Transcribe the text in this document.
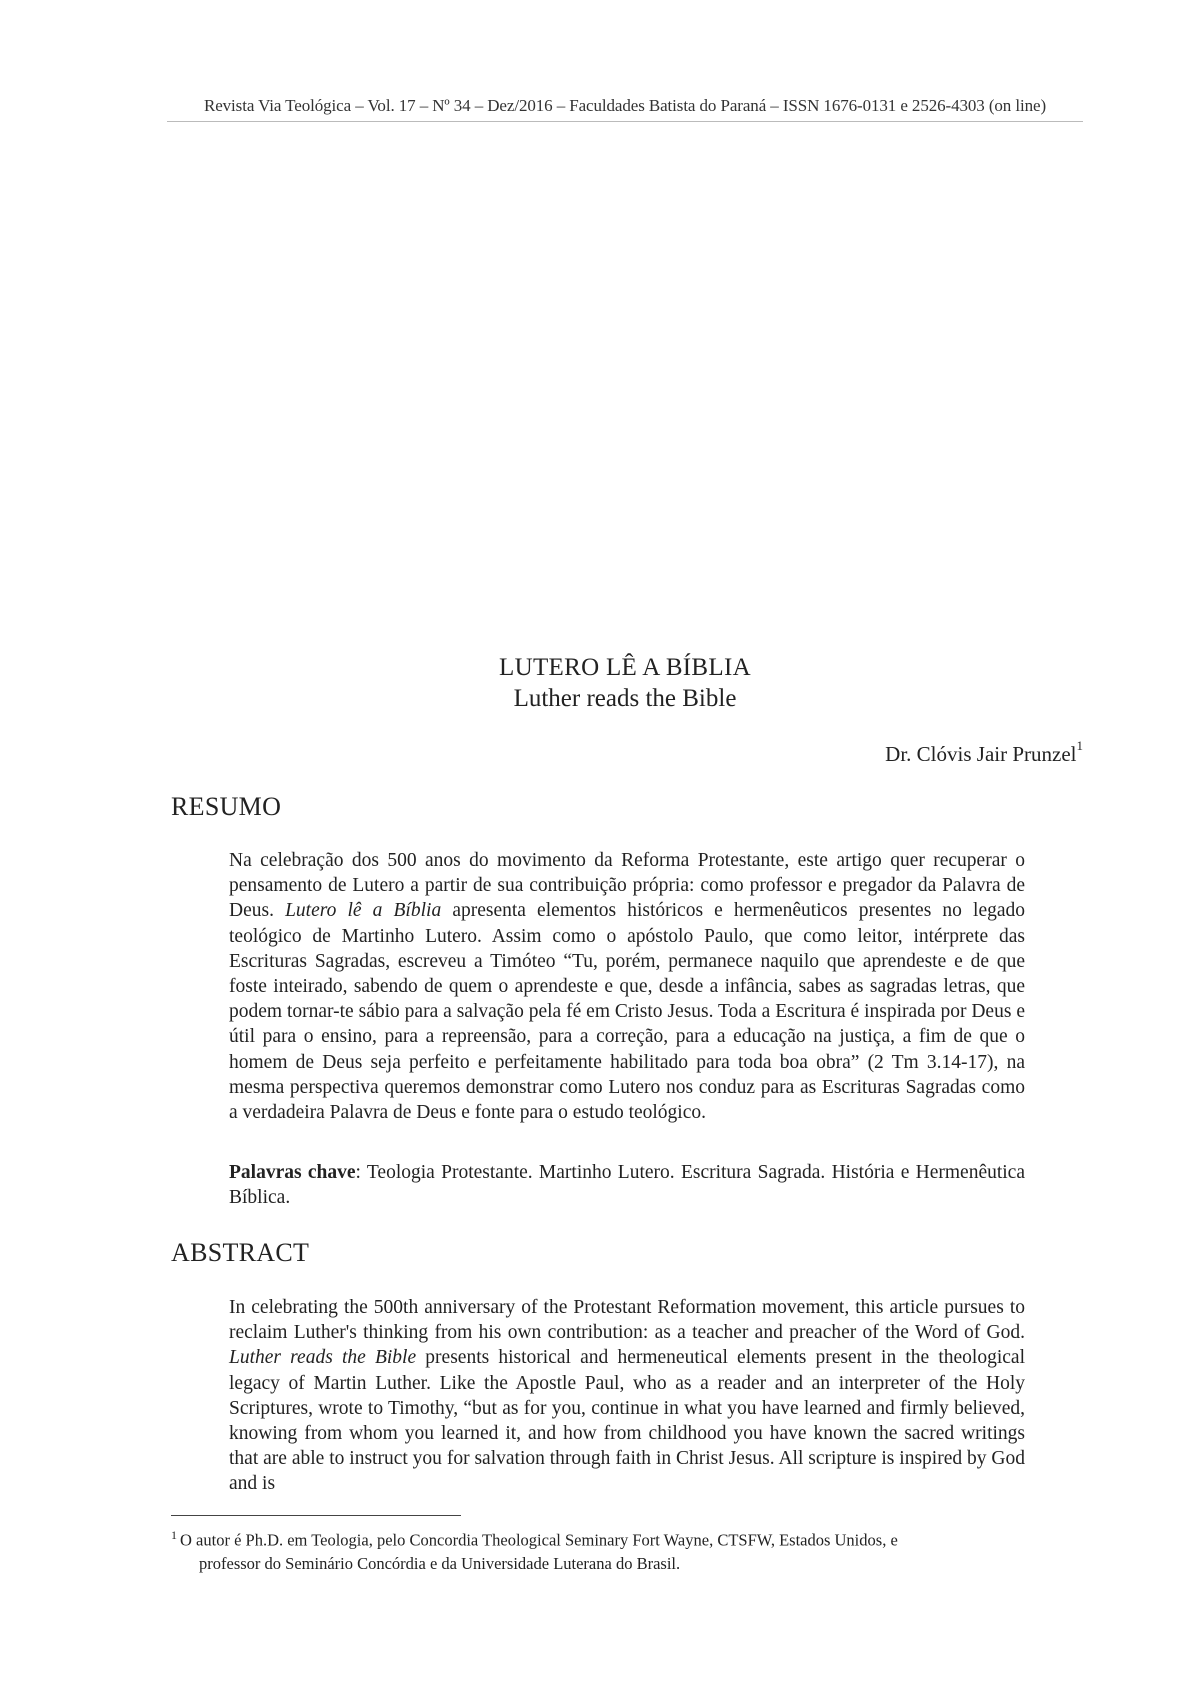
Revista Via Teológica – Vol. 17 – Nº 34 – Dez/2016 – Faculdades Batista do Paraná – ISSN 1676-0131 e 2526-4303 (on line)
LUTERO LÊ A BÍBLIA
Luther reads the Bible
Dr. Clóvis Jair Prunzel$^1$
RESUMO
Na celebração dos 500 anos do movimento da Reforma Protestante, este artigo quer recuperar o pensamento de Lutero a partir de sua contribuição própria: como professor e pregador da Palavra de Deus. Lutero lê a Bíblia apresenta elementos históricos e hermenêuticos presentes no legado teológico de Martinho Lutero. Assim como o apóstolo Paulo, que como leitor, intérprete das Escrituras Sagradas, escreveu a Timóteo “Tu, porém, permanece naquilo que aprendeste e de que foste inteirado, sabendo de quem o aprendeste e que, desde a infância, sabes as sagradas letras, que podem tornar-te sábio para a salvação pela fé em Cristo Jesus. Toda a Escritura é inspirada por Deus e útil para o ensino, para a repreensão, para a correção, para a educação na justiça, a fim de que o homem de Deus seja perfeito e perfeitamente habilitado para toda boa obra” (2 Tm 3.14-17), na mesma perspectiva queremos demonstrar como Lutero nos conduz para as Escrituras Sagradas como a verdadeira Palavra de Deus e fonte para o estudo teológico.
Palavras chave: Teologia Protestante. Martinho Lutero. Escritura Sagrada. História e Hermenêutica Bíblica.
ABSTRACT
In celebrating the 500th anniversary of the Protestant Reformation movement, this article pursues to reclaim Luther's thinking from his own contribution: as a teacher and preacher of the Word of God. Luther reads the Bible presents historical and hermeneutical elements present in the theological legacy of Martin Luther. Like the Apostle Paul, who as a reader and an interpreter of the Holy Scriptures, wrote to Timothy, “but as for you, continue in what you have learned and firmly believed, knowing from whom you learned it, and how from childhood you have known the sacred writings that are able to instruct you for salvation through faith in Christ Jesus. All scripture is inspired by God and is
$^1$ O autor é Ph.D. em Teologia, pelo Concordia Theological Seminary Fort Wayne, CTSFW, Estados Unidos, e
professor do Seminário Concórdia e da Universidade Luterana do Brasil.
